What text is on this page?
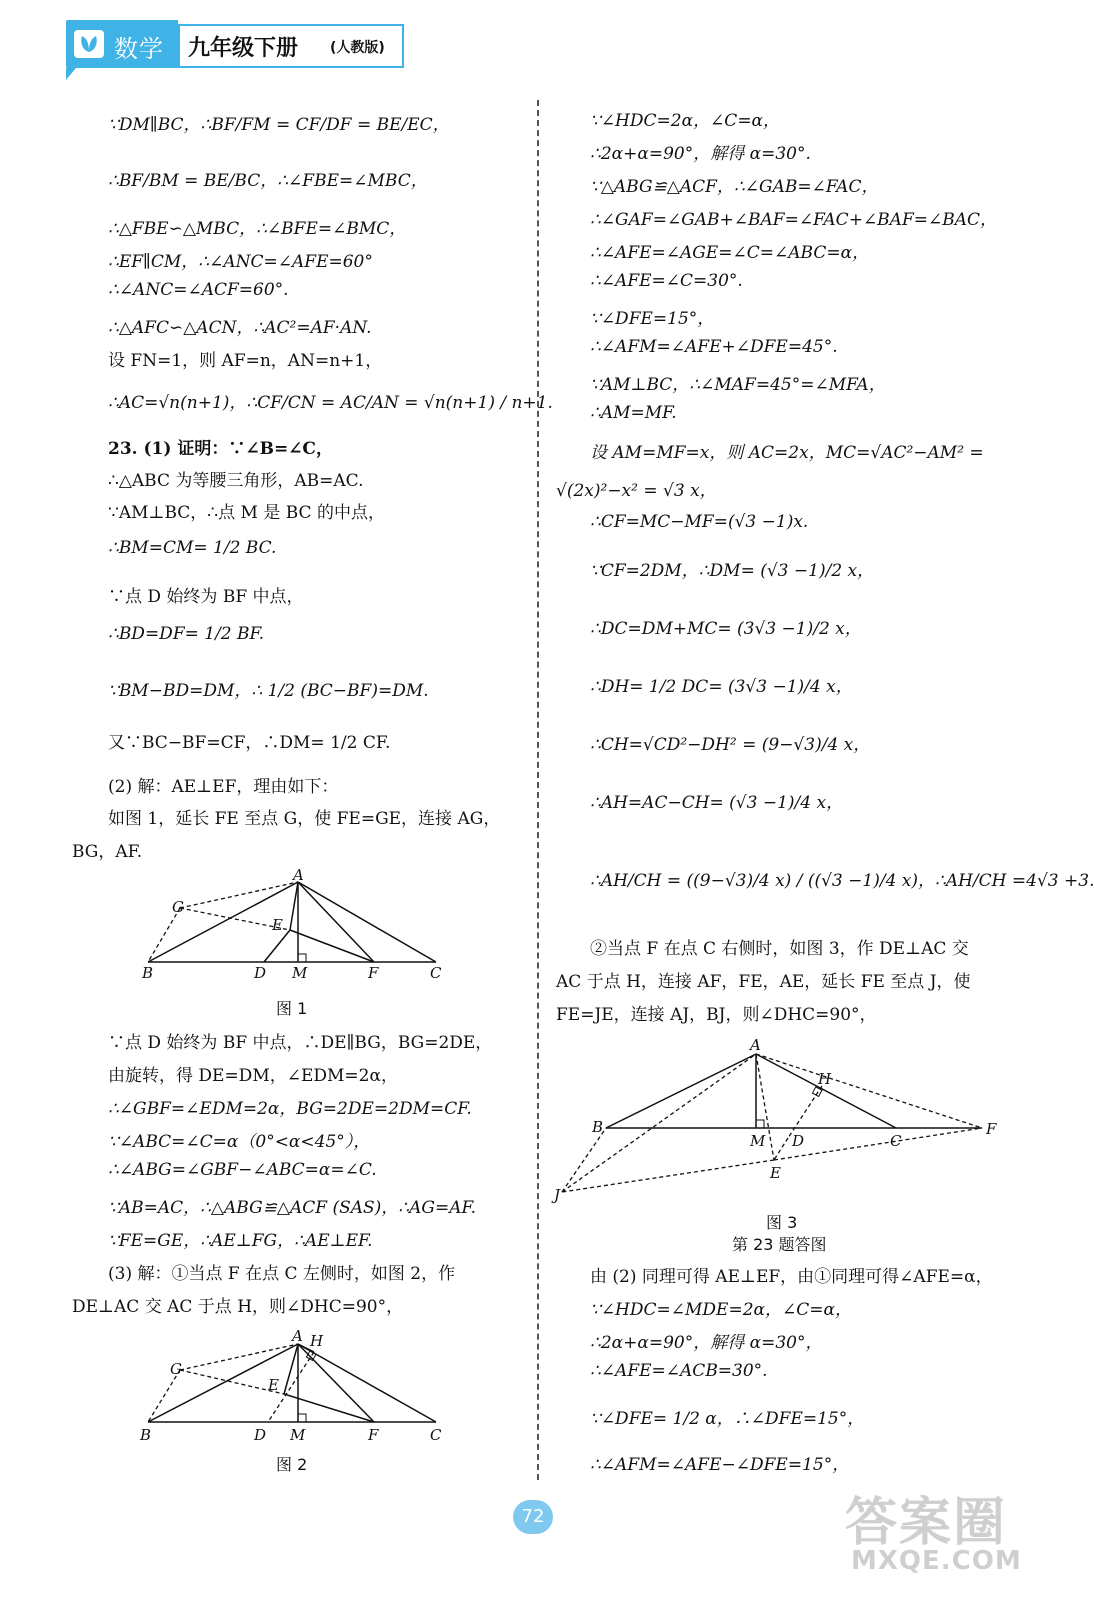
数学 九年级下册 (人教版)
∵DM∥BC，∴BF/FM = CF/DF = BE/EC，
∴BF/BM = BE/BC，∴∠FBE=∠MBC，
∴△FBE∽△MBC，∴∠BFE=∠BMC，
∴EF∥CM，∴∠ANC=∠AFE=60°
∴∠ANC=∠ACF=60°.
∴△AFC∽△ACN，∴AC²=AF·AN.
设 FN=1，则 AF=n，AN=n+1，
∴AC=√n(n+1)，∴CF/CN = AC/AN = √n(n+1) / n+1.
23. (1) 证明：∵∠B=∠C，
∴△ABC 为等腰三角形，AB=AC.
∵AM⊥BC，∴点 M 是 BC 的中点，
∴BM=CM= 1/2 BC.
∵点 D 始终为 BF 中点，
∴BD=DF= 1/2 BF.
∵BM−BD=DM，∴ 1/2 (BC−BF)=DM.
又∵BC−BF=CF，∴DM= 1/2 CF.
(2) 解：AE⊥EF，理由如下：
如图 1，延长 FE 至点 G，使 FE=GE，连接 AG，
BG，AF.
A
G
E
B	D M	F	C
图 1
∵点 D 始终为 BF 中点，∴DE∥BG，BG=2DE，
由旋转，得 DE=DM，∠EDM=2α，
∴∠GBF=∠EDM=2α，BG=2DE=2DM=CF.
∵∠ABC=∠C=α（0°<α<45°），
∴∠ABG=∠GBF−∠ABC=α=∠C.
∵AB=AC，∴△ABG≌△ACF (SAS)，∴AG=AF.
∵FE=GE，∴AE⊥FG，∴AE⊥EF.
(3) 解：①当点 F 在点 C 左侧时，如图 2，作
DE⊥AC 交 AC 于点 H，则∠DHC=90°，
A H
G
E
B	D M	F	C
图 2
∵∠HDC=2α，∠C=α，
∴2α+α=90°，解得 α=30°.
∵△ABG≌△ACF，∴∠GAB=∠FAC，
∴∠GAF=∠GAB+∠BAF=∠FAC+∠BAF=∠BAC，
∴∠AFE=∠AGE=∠C=∠ABC=α，
∴∠AFE=∠C=30°.
∵∠DFE=15°，
∴∠AFM=∠AFE+∠DFE=45°.
∵AM⊥BC，∴∠MAF=45°=∠MFA，
∴AM=MF.
设 AM=MF=x，则 AC=2x，MC=√AC²−AM² =
√(2x)²−x² = √3 x，
∴CF=MC−MF=(√3 −1)x.
∵CF=2DM，∴DM= (√3 −1)/2 x，
∴DC=DM+MC= (3√3 −1)/2 x，
∴DH= 1/2 DC= (3√3 −1)/4 x，
∴CH=√CD²−DH² = (9−√3)/4 x，
∴AH=AC−CH= (√3 −1)/4 x，
∴AH/CH = ((9−√3)/4 x) / ((√3 −1)/4 x)，∴AH/CH =4√3 +3.
②当点 F 在点 C 右侧时，如图 3，作 DE⊥AC 交
AC 于点 H，连接 AF，FE，AE，延长 FE 至点 J，使
FE=JE，连接 AJ，BJ，则∠DHC=90°，
A
H
B
M D	C
F
E
J
图 3
第 23 题答图
由 (2) 同理可得 AE⊥EF，由①同理可得∠AFE=α，
∵∠HDC=∠MDE=2α，∠C=α，
∴2α+α=90°，解得 α=30°，
∴∠AFE=∠ACB=30°.
∵∠DFE= 1/2 α，∴∠DFE=15°，
∴∠AFM=∠AFE−∠DFE=15°，
72	答案圈
MXQE.COM
